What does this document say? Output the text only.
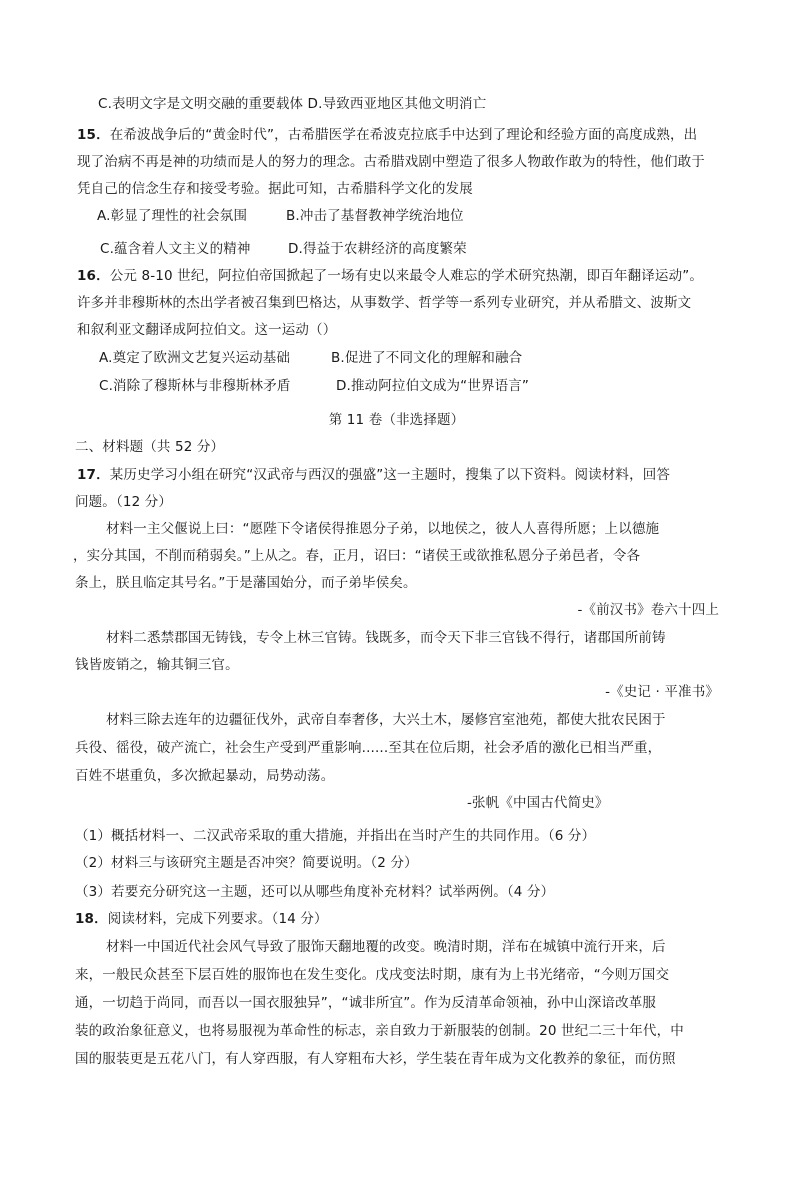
C.表明文字是文明交融的重要载体 D.导致西亚地区其他文明消亡
15．在希波战争后的“黄金时代”，古希腊医学在希波克拉底手中达到了理论和经验方面的高度成熟，出
现了治病不再是神的功绩而是人的努力的理念。古希腊戏剧中塑造了很多人物敢作敢为的特性，他们敢于
凭自己的信念生存和接受考验。据此可知，古希腊科学文化的发展
A.彰显了理性的社会氛围	B.冲击了基督教神学统治地位
C.蕴含着人文主义的精神	D.得益于农耕经济的高度繁荣
16．公元 8-10 世纪，阿拉伯帝国掀起了一场有史以来最令人难忘的学术研究热潮，即百年翻译运动”。
许多并非穆斯林的杰出学者被召集到巴格达，从事数学、哲学等一系列专业研究，并从希腊文、波斯文
和叙利亚文翻译成阿拉伯文。这一运动（）
A.奠定了欧洲文艺复兴运动基础	B.促进了不同文化的理解和融合
C.消除了穆斯林与非穆斯林矛盾	D.推动阿拉伯文成为“世界语言”
第 11 卷（非选择题）
二、材料题（共 52 分）
17．某历史学习小组在研究“汉武帝与西汉的强盛”这一主题时，搜集了以下资料。阅读材料，回答
问题。（12 分）
材料一主父偃说上曰：“愿陛下令诸侯得推恩分子弟，以地侯之，彼人人喜得所愿；上以德施
，实分其国，不削而稍弱矣。”上从之。春，正月，诏曰：“诸侯王或欲推私恩分子弟邑者，令各
条上，朕且临定其号名。”于是藩国始分，而子弟毕侯矣。
-《前汉书》卷六十四上
材料二悉禁郡国无铸钱，专令上林三官铸。钱既多，而令天下非三官钱不得行，诸郡国所前铸
钱皆废销之，输其铜三官。
-《史记 · 平准书》
材料三除去连年的边疆征伐外，武帝自奉奢侈，大兴土木，屡修宫室池苑，都使大批农民困于
兵役、徭役，破产流亡，社会生产受到严重影响......至其在位后期，社会矛盾的激化已相当严重，
百姓不堪重负，多次掀起暴动，局势动荡。
-张帆《中国古代简史》
（1）概括材料一、二汉武帝采取的重大措施，并指出在当时产生的共同作用。（6 分）
（2）材料三与该研究主题是否冲突？简要说明。（2 分）
（3）若要充分研究这一主题，还可以从哪些角度补充材料？试举两例。（4 分）
18．阅读材料，完成下列要求。（14 分）
材料一中国近代社会风气导致了服饰天翻地覆的改变。晚清时期，洋布在城镇中流行开来，后
来，一般民众甚至下层百姓的服饰也在发生变化。戊戌变法时期，康有为上书光绪帝，“今则万国交
通，一切趋于尚同，而吾以一国衣服独异”，“诚非所宜”。作为反清革命领袖，孙中山深谙改革服
装的政治象征意义，也将易服视为革命性的标志，亲自致力于新服装的创制。20 世纪二三十年代，中
国的服装更是五花八门，有人穿西服，有人穿粗布大衫，学生装在青年成为文化教养的象征，而仿照
